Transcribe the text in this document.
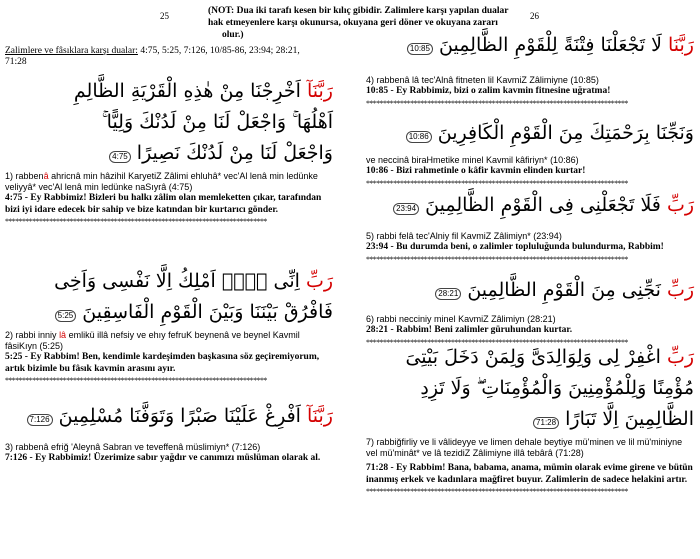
25	26
(NOT: Dua iki tarafı kesen bir kılıç gibidir. Zalimlere karşı yapılan dualar
hak etmeyenlere karşı okunursa, okuyana geri döner ve okuyana zararı
olur.)
Zalimlere ve fâsıklara karşı dualar: 4:75, 5:25, 7:126, 10/85-86, 23:94; 28:21,
71:28

رَبَّنَآ اَخْرِجْنَا مِنْ هٰذِهِ الْقَرْيَةِ الظَّالِمِ

اَهْلُهَا ۚ وَاجْعَلْ لَنَا مِنْ لَدُنْكَ وَلِيًّا ۚ

وَاجْعَلْ لَنَا مِنْ لَدُنْكَ نَصِيرًا 4:75

1) rabbenâ ahricnâ min hâzihil KaryetiZ Zâlimi ehluhâ* vec'Al lenâ min ledünke veliyyâ* vec'Al lenâ min ledünke naSıyrâ (4:75)

4:75 - Ey Rabbimiz! Bizleri bu halkı zâlim olan memleketten çıkar, tarafından bizi iyi idare edecek bir sahip ve bize katından bir kurtarıcı gönder.

*****************************************************************************

رَبِّ اِنِّى لَاۤ اَمْلِكُ اِلَّا نَفْسِى وَاَخِى

فَافْرُقْ بَيْنَنَا وَبَيْنَ الْقَوْمِ الْفَاسِقِينَ 5:25

2) rabbi inniy lâ emlikü illâ nefsiy ve ehıy fefruK beynenâ ve beynel Kavmil fâsiKıyn (5:25)

5:25 - Ey Rabbim! Ben, kendimle kardeşimden başkasına söz geçiremiyorum, artık bizimle bu fâsık kavmin arasını ayır.

*****************************************************************************

رَبَّنَآ اَفْرِغْ عَلَيْنَا صَبْرًا وَتَوَفَّنَا مُسْلِمِينَ 7:126

3) rabbenâ efriğ 'Aleynâ Sabran ve teveffenâ müslimiyn* (7:126)

7:126 - Ey Rabbimiz! Üzerimize sabır yağdır ve canımızı müslüman olarak al.

رَبَّنَا لَا تَجْعَلْنَا فِتْنَةً لِلْقَوْمِ الظَّالِمِينَ 10:85

4) rabbenâ lâ tec'Alnâ fitneten lil KavmiZ Zâlimiyne (10:85)

10:85 - Ey Rabbimiz, bizi o zalim kavmin fitnesine uğratma!

*****************************************************************************

وَنَجِّنَا بِرَحْمَتِكَ مِنَ الْقَوْمِ الْكَافِرِينَ 10:86

ve neccinâ biraHmetike minel Kavmil kâfiriyn* (10:86)

10:86 - Bizi rahmetinle o kâfir kavmin elinden kurtar!

*****************************************************************************

رَبِّ فَلَا تَجْعَلْنِى فِى الْقَوْمِ الظَّالِمِينَ 23:94

5) rabbi felâ tec'Alniy fil KavmiZ Zâlimiyn* (23:94)

23:94 - Bu durumda beni, o zalimler topluluğunda bulundurma, Rabbim!

*****************************************************************************

رَبِّ نَجِّنِى مِنَ الْقَوْمِ الظَّالِمِينَ 28:21

6) rabbi necciniy minel KavmiZ Zâlimiyn (28:21)

28:21 - Rabbim! Beni zalimler güruhundan kurtar.

*****************************************************************************

رَبِّ اغْفِرْ لِى وَلِوَالِدَىَّ وَلِمَنْ دَخَلَ بَيْتِىَ

مُؤْمِنًا وَلِلْمُؤْمِنِينَ وَالْمُؤْمِنَاتِ ۖ وَلَا تَزِدِ

الظَّالِمِينَ اِلَّا تَبَارًا 71:28

7) rabbiğfirliy ve li vâlideyye ve limen dehale beytiye mü'minen ve lil mü'miniyne vel mü'minât* ve lâ tezidiZ Zâlimiyne illâ tebârâ (71:28)

71:28 - Ey Rabbim! Bana, babama, anama, mümin olarak evime girene ve bütün inanmış erkek ve kadınlara mağfiret buyur. Zalimlerin de sadece helakini artır.

*****************************************************************************
